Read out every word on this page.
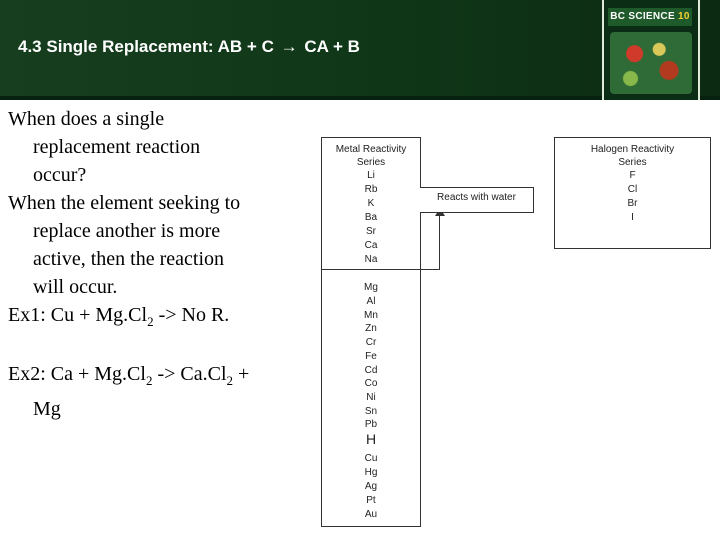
4.3 Single Replacement: AB + C → CA + B
BC SCIENCE 10

When does a single
replacement reaction
occur?

When the element seeking to
replace another is more
active, then the reaction
will occur.

Ex1: $Cu + Mg.Cl_2 -> No$ R.

Ex2: $Ca + Mg.Cl_2 -> Ca.Cl_2$ +
Mg

Metal Reactivity
Series
Li
Rb
K
Ba
Sr
Ca
Na
Mg
Al
Mn
Zn
Cr
Fe
Cd
Co
Ni
Sn
Pb
H
Cu
Hg
Ag
Pt
Au
Reacts with water
Halogen Reactivity
Series
F
Cl
Br
I
